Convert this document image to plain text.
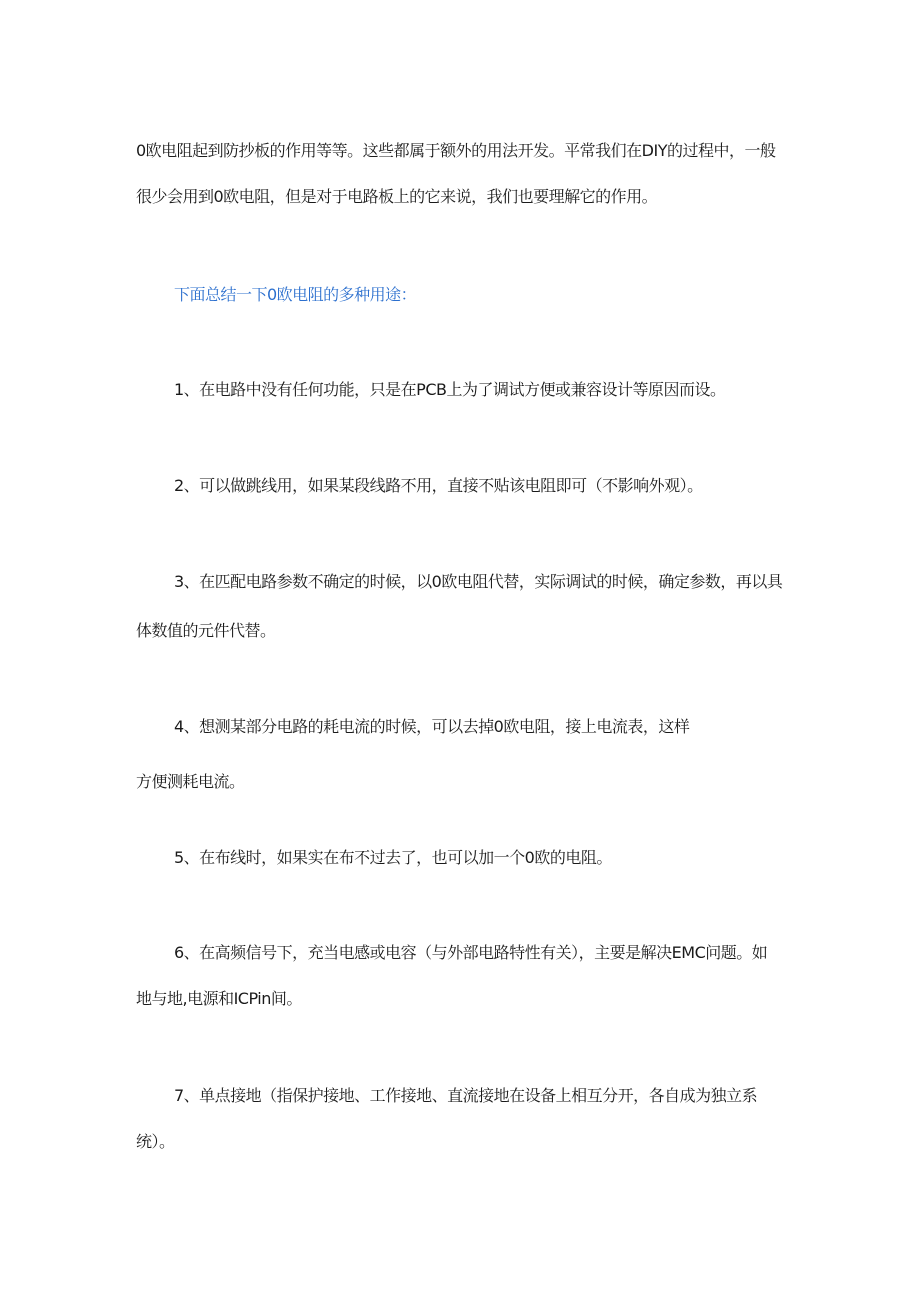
0欧电阻起到防抄板的作用等等。这些都属于额外的用法开发。平常我们在DIY的过程中，一般
很少会用到0欧电阻，但是对于电路板上的它来说，我们也要理解它的作用。
下面总结一下0欧电阻的多种用途：
1、在电路中没有任何功能，只是在PCB上为了调试方便或兼容设计等原因而设。
2、可以做跳线用，如果某段线路不用，直接不贴该电阻即可（不影响外观）。
3、在匹配电路参数不确定的时候，以0欧电阻代替，实际调试的时候，确定参数，再以具
体数值的元件代替。
4、想测某部分电路的耗电流的时候，可以去掉0欧电阻，接上电流表，这样
方便测耗电流。
5、在布线时，如果实在布不过去了，也可以加一个0欧的电阻。
6、在高频信号下，充当电感或电容（与外部电路特性有关），主要是解决EMC问题。如
地与地,电源和ICPin间。
7、单点接地（指保护接地、工作接地、直流接地在设备上相互分开，各自成为独立系
统）。
